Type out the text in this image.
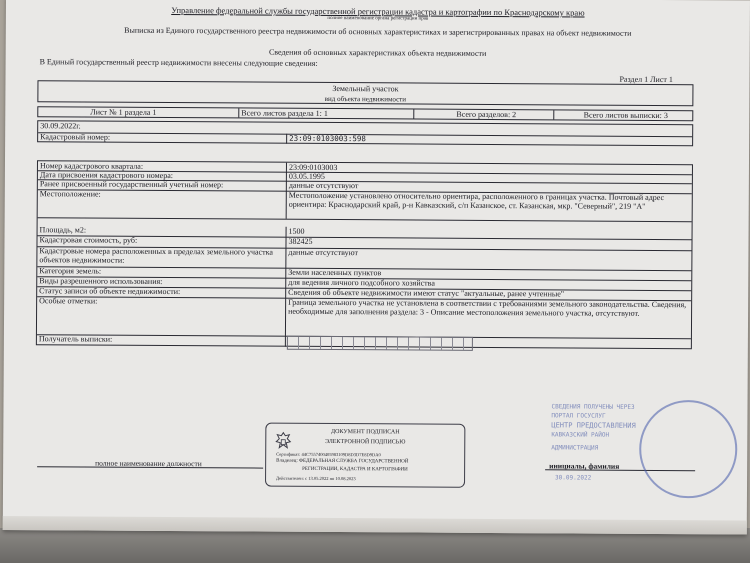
Управление федеральной службы государственной регистрации кадастра и картографии по Краснодарскому краю
полное наименование органа регистрации прав
Выписка из Единого государственного реестра недвижимости об основных характеристиках и зарегистрированных правах на объект недвижимости
Сведения об основных характеристиках объекта недвижимости
В Единый государственный реестр недвижимости внесены следующие сведения:
Раздел 1 Лист 1
Земельный участок
вид объекта недвижимости
Лист № 1 раздела 1	Всего листов раздела 1: 1	Всего разделов: 2	Всего листов выписки: 3
30.09.2022г.
Кадастровый номер:	23:09:0103003:598
Номер кадастрового квартала:	23:09:0103003
Дата присвоения кадастрового номера:	03.05.1995
Ранее присвоенный государственный учетный номер:	данные отсутствуют
Местоположение:	Местоположение установлено относительно ориентира, расположенного в границах участка. Почтовый адрес ориентира: Краснодарский край, р-н Кавказский, с/п Казанское, ст. Казанская, мкр. "Северный", 219 "А"
Площадь, м2:	1500
Кадастровая стоимость, руб:	382425
Кадастровые номера расположенных в пределах земельного участка объектов недвижимости:
данные отсутствуют
Категория земель:	Земли населенных пунктов
Виды разрешенного использования:	для ведения личного подсобного хозяйства
Статус записи об объекте недвижимости:	Сведения об объекте недвижимости имеют статус "актуальные, ранее учтенные"
Особые отметки:	Граница земельного участка не установлена в соответствии с требованиями земельного законодательства. Сведения, необходимые для заполнения раздела: 3 - Описание местоположения земельного участка, отсутствуют.
Получатель выписки:
ДОКУМЕНТ ПОДПИСАН
ЭЛЕКТРОННОЙ ПОДПИСЬЮ
Сертификат: 44С7557400405983109D8D3D7E8D9DA0
Владелец: ФЕДЕРАЛЬНАЯ СЛУЖБА ГОСУДАРСТВЕННОЙ
РЕГИСТРАЦИИ, КАДАСТРА И КАРТОГРАФИИ
Действителен: с 13.05.2022 по 10.08.2023
полное наименование должности	инициалы, фамилия
СВЕДЕНИЯ ПОЛУЧЕНЫ ЧЕРЕЗ
ПОРТАЛ ГОСУСЛУГ
ЦЕНТР ПРЕДОСТАВЛЕНИЯ
КАВКАЗСКИЙ РАЙОН
АДМИНИСТРАЦИЯ
30.09.2022
